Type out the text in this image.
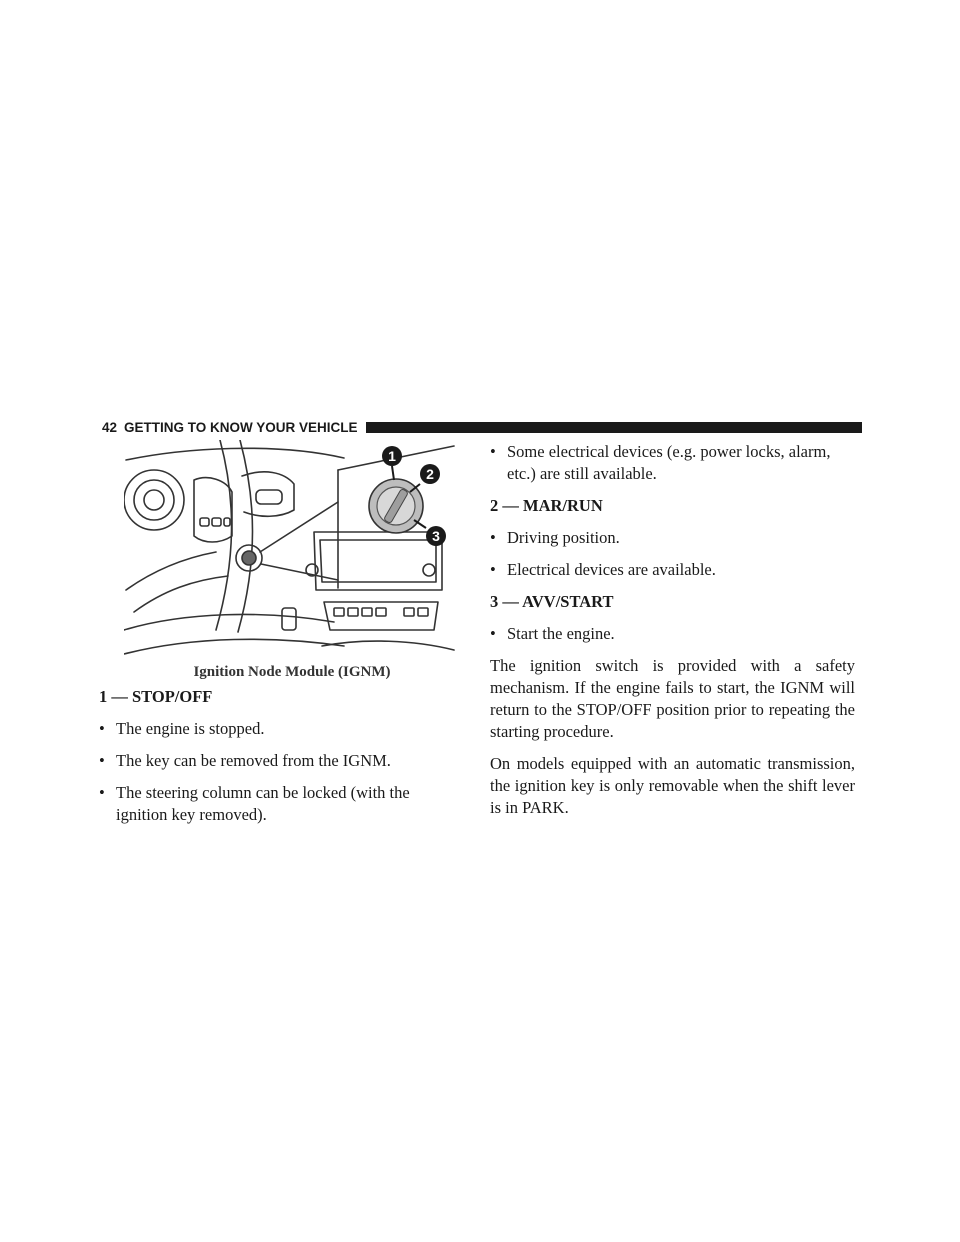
42 GETTING TO KNOW YOUR VEHICLE
1
2
3
Ignition Node Module (IGNM)

1 — STOP/OFF

• The engine is stopped.

• The key can be removed from the IGNM.

• The steering column can be locked (with the ignition key removed).

• Some electrical devices (e.g. power locks, alarm, etc.) are still available.

2 — MAR/RUN

• Driving position.

• Electrical devices are available.

3 — AVV/START

• Start the engine.

The ignition switch is provided with a safety mechanism. If the engine fails to start, the IGNM will return to the STOP/OFF position prior to repeating the starting procedure.

On models equipped with an automatic transmission, the ignition key is only removable when the shift lever is in PARK.
